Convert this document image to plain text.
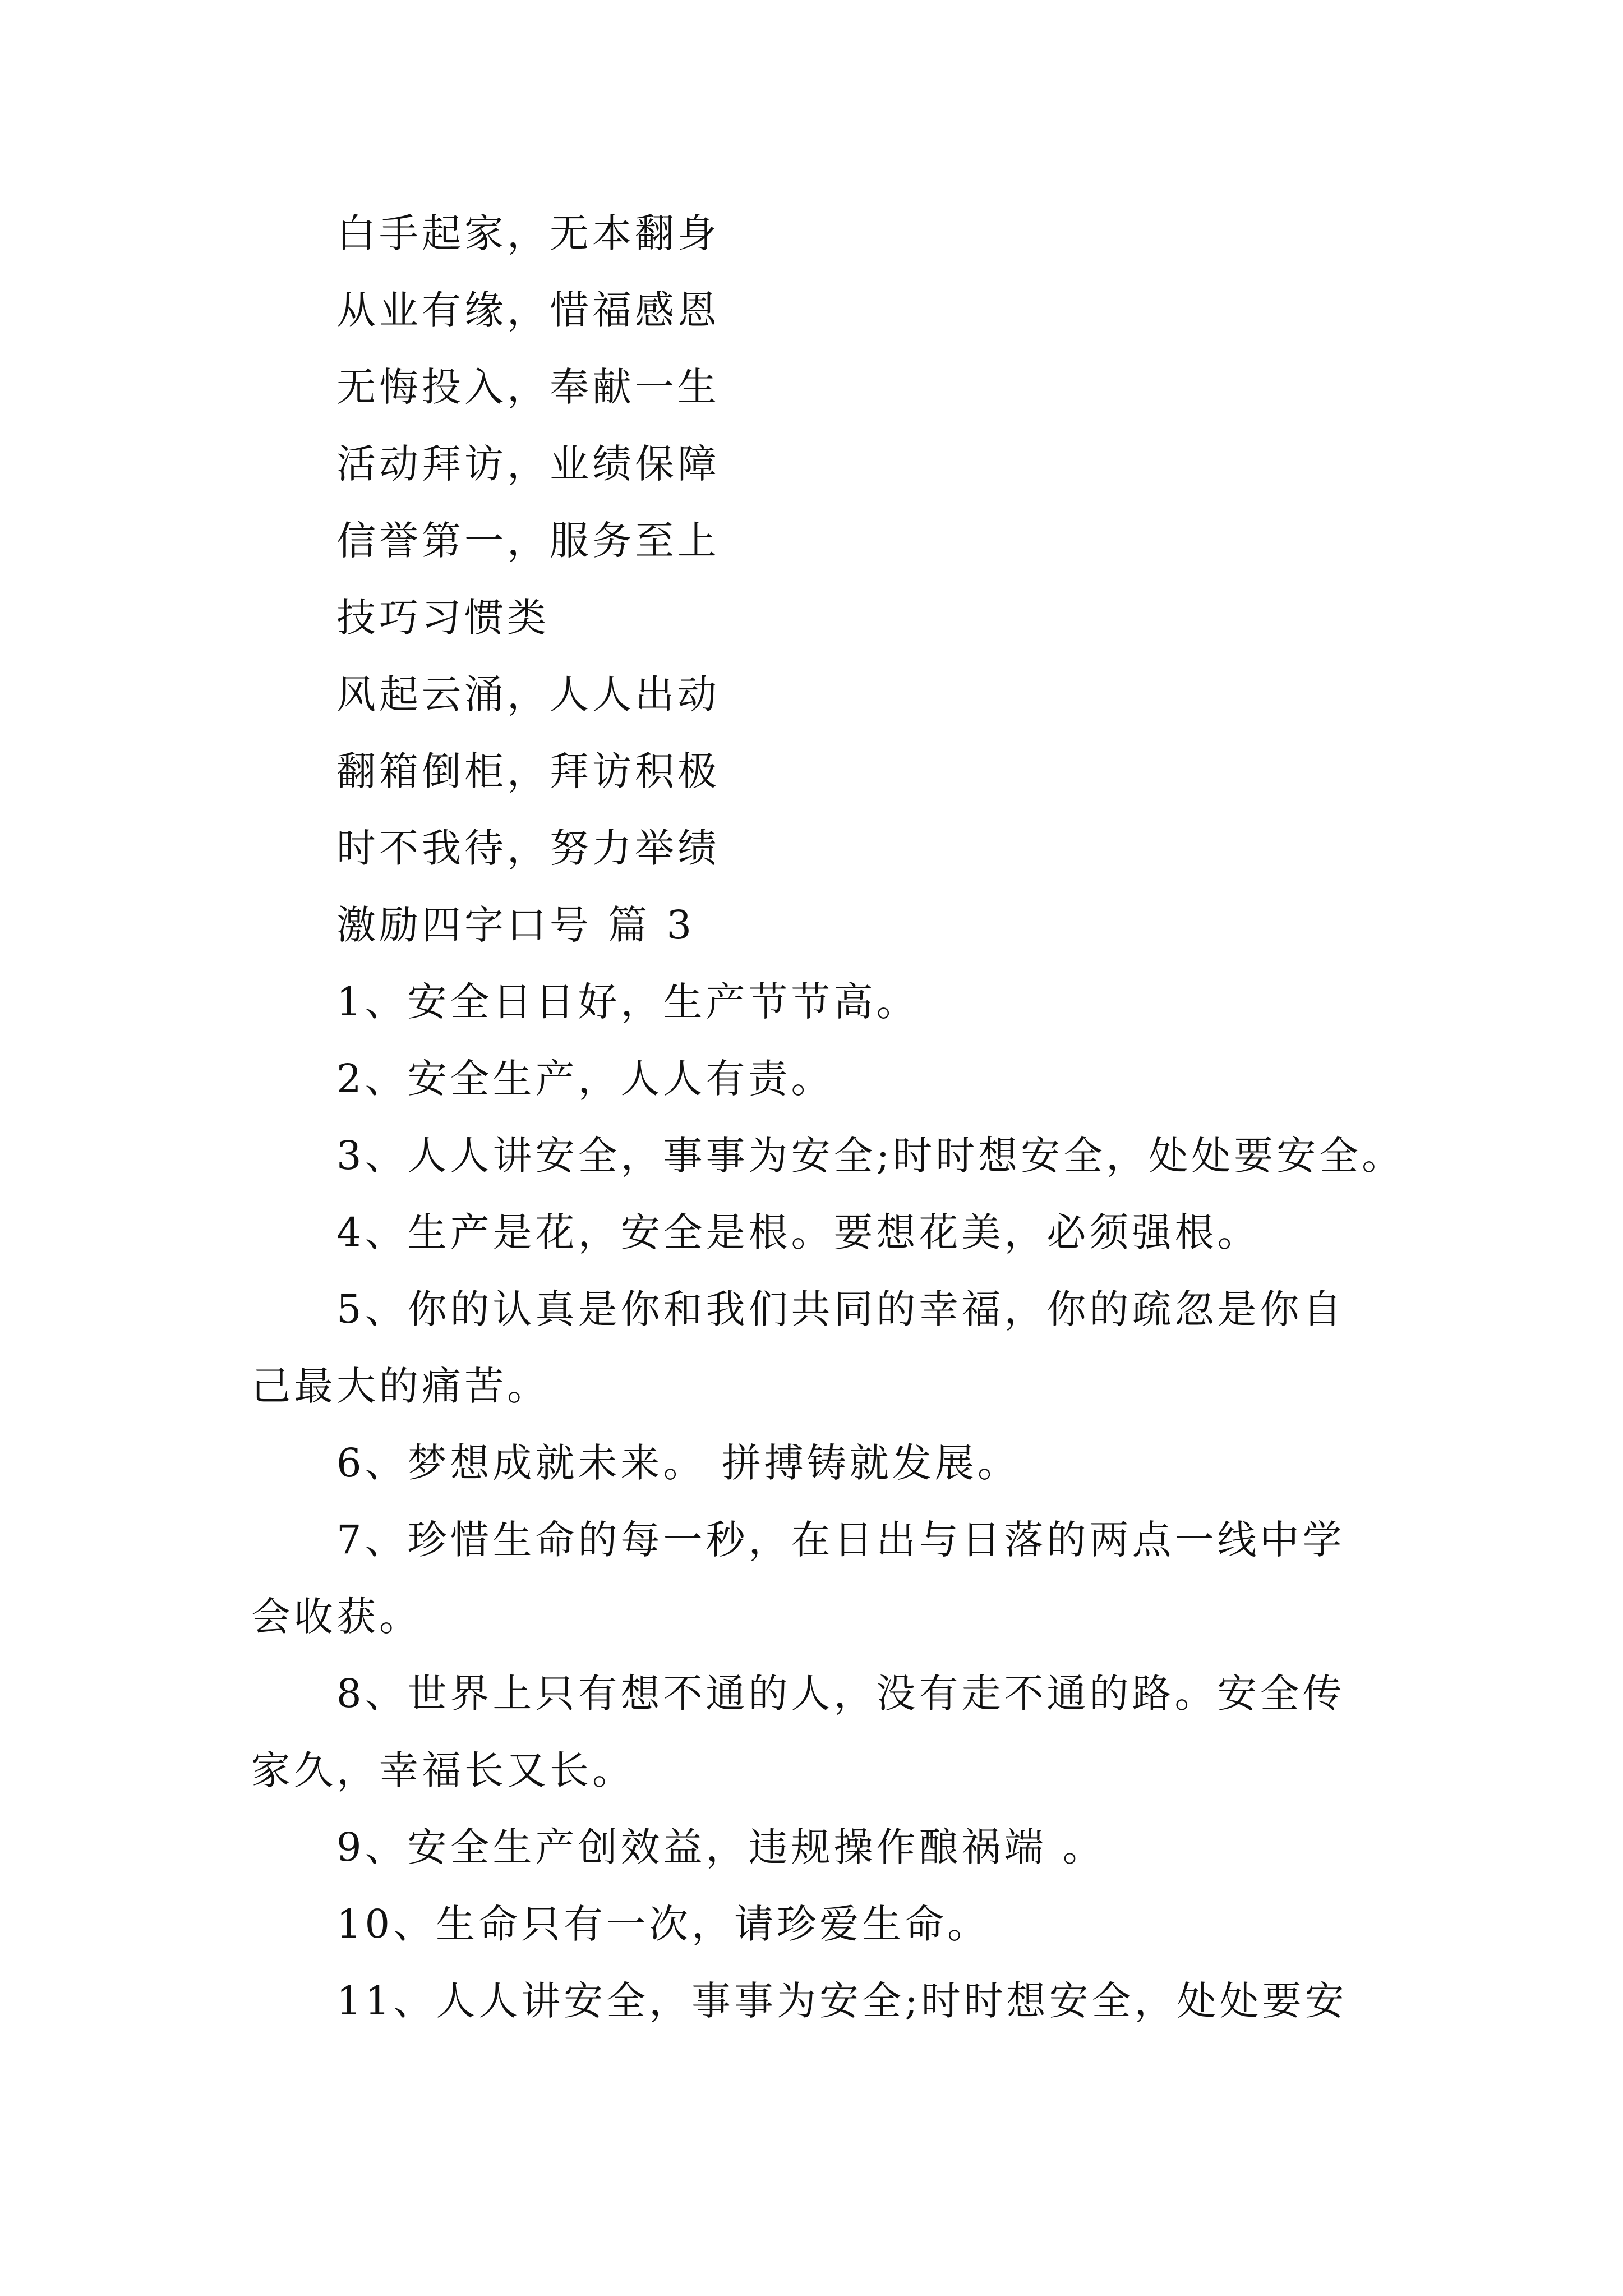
白手起家，无本翻身
从业有缘，惜福感恩
无悔投入，奉献一生
活动拜访，业绩保障
信誉第一，服务至上
技巧习惯类
风起云涌，人人出动
翻箱倒柜，拜访积极
时不我待，努力举绩
激励四字口号 篇 3
1、安全日日好，生产节节高。
2、安全生产，人人有责。
3、人人讲安全，事事为安全;时时想安全，处处要安全。
4、生产是花，安全是根。要想花美，必须强根。
5、你的认真是你和我们共同的幸福，你的疏忽是你自
己最大的痛苦。
6、梦想成就未来。 拼搏铸就发展。
7、珍惜生命的每一秒，在日出与日落的两点一线中学
会收获。
8、世界上只有想不通的人，没有走不通的路。安全传
家久，幸福长又长。
9、安全生产创效益，违规操作酿祸端 。
10、生命只有一次，请珍爱生命。
11、人人讲安全，事事为安全;时时想安全，处处要安
